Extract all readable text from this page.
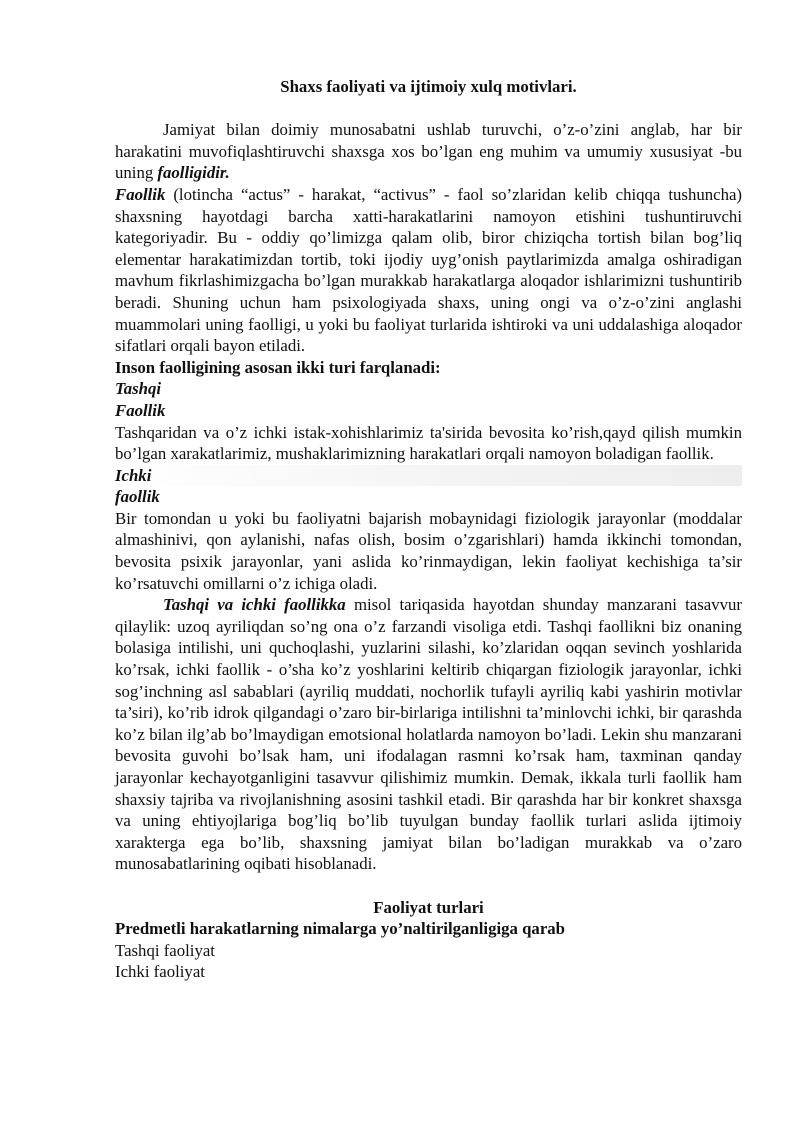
Shaxs faoliyati va ijtimoiy xulq motivlari.

Jamiyat bilan doimiy munosabatni ushlab turuvchi, o’z-o’zini anglab, har bir harakatini muvofiqlashtiruvchi shaxsga xos bo’lgan eng muhim va umumiy xususiyat -bu uning faolligidir.

Faollik (lotincha “actus” - harakat, “activus” - faol so’zlaridan kelib chiqqa tushuncha) shaxsning hayotdagi barcha xatti-harakatlarini namoyon etishini tushuntiruvchi kategoriyadir. Bu - oddiy qo’limizga qalam olib, biror chiziqcha tortish bilan bog’liq elementar harakatimizdan tortib, toki ijodiy uyg’onish paytlarimizda amalga oshiradigan mavhum fikrlashimizgacha bo’lgan murakkab harakatlarga aloqador ishlarimizni tushuntirib beradi. Shuning uchun ham psixologiyada shaxs, uning ongi va o’z-o’zini anglashi muammolari uning faolligi, u yoki bu faoliyat turlarida ishtiroki va uni uddalashiga aloqador sifatlari orqali bayon etiladi.

Inson faolligining asosan ikki turi farqlanadi:

Tashqi

Faollik

Tashqaridan va o’z ichki istak-xohishlarimiz ta'sirida bevosita ko’rish,qayd qilish mumkin bo’lgan xarakatlarimiz, mushaklarimizning harakatlari orqali namoyon boladigan faollik.

Ichki

faollik

Bir tomondan u yoki bu faoliyatni bajarish mobaynidagi fiziologik jarayonlar (moddalar almashinivi, qon aylanishi, nafas olish, bosim o’zgarishlari) hamda ikkinchi tomondan, bevosita psixik jarayonlar, yani aslida ko’rinmaydigan, lekin faoliyat kechishiga ta’sir ko’rsatuvchi omillarni o’z ichiga oladi.

Tashqi va ichki faollikka misol tariqasida hayotdan shunday manzarani tasavvur qilaylik: uzoq ayriliqdan so’ng ona o’z farzandi visoliga etdi. Tashqi faollikni biz onaning bolasiga intilishi, uni quchoqlashi, yuzlarini silashi, ko’zlaridan oqqan sevinch yoshlarida ko’rsak, ichki faollik - o’sha ko’z yoshlarini keltirib chiqargan fiziologik jarayonlar, ichki sog’inchning asl sabablari (ayriliq muddati, nochorlik tufayli ayriliq kabi yashirin motivlar ta’siri), ko’rib idrok qilgandagi o’zaro bir-birlariga intilishni ta’minlovchi ichki, bir qarashda ko’z bilan ilg’ab bo’lmaydigan emotsional holatlarda namoyon bo’ladi. Lekin shu manzarani bevosita guvohi bo’lsak ham, uni ifodalagan rasmni ko’rsak ham, taxminan qanday jarayonlar kechayotganligini tasavvur qilishimiz mumkin. Demak, ikkala turli faollik ham shaxsiy tajriba va rivojlanishning asosini tashkil etadi. Bir qarashda har bir konkret shaxsga va uning ehtiyojlariga bog’liq bo’lib tuyulgan bunday faollik turlari aslida ijtimoiy xarakterga ega bo’lib, shaxsning jamiyat bilan bo’ladigan murakkab va o’zaro munosabatlarining oqibati hisoblanadi.

Faoliyat turlari

Predmetli harakatlarning nimalarga yo’naltirilganligiga qarab

Tashqi faoliyat

Ichki faoliyat
